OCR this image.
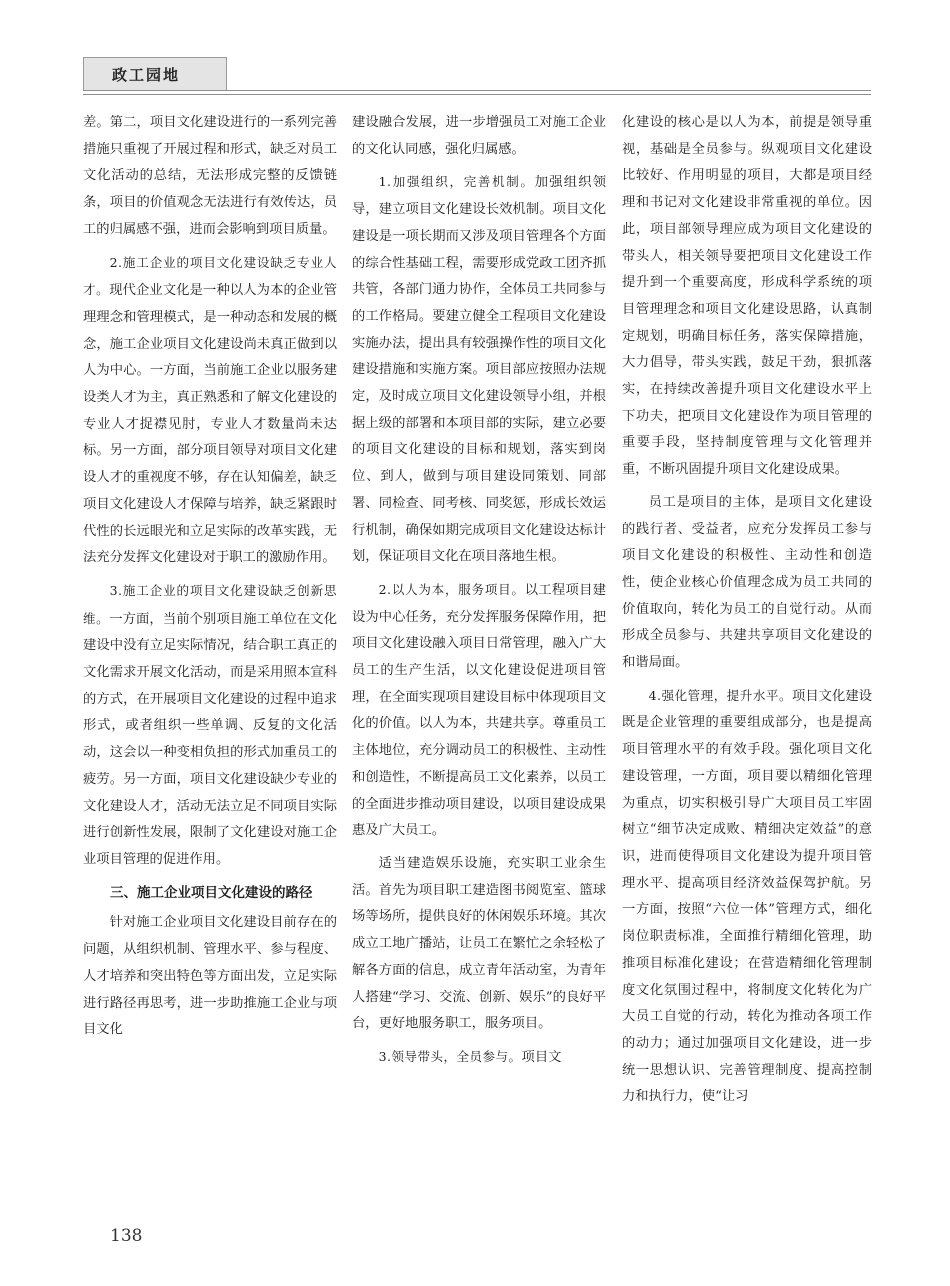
政工园地

差。第二，项目文化建设进行的一系列完善措施只重视了开展过程和形式，缺乏对员工文化活动的总结，无法形成完整的反馈链条，项目的价值观念无法进行有效传达，员工的归属感不强，进而会影响到项目质量。

2.施工企业的项目文化建设缺乏专业人才。现代企业文化是一种以人为本的企业管理理念和管理模式，是一种动态和发展的概念，施工企业项目文化建设尚未真正做到以人为中心。一方面，当前施工企业以服务建设类人才为主，真正熟悉和了解文化建设的专业人才捉襟见肘，专业人才数量尚未达标。另一方面，部分项目领导对项目文化建设人才的重视度不够，存在认知偏差，缺乏项目文化建设人才保障与培养，缺乏紧跟时代性的长远眼光和立足实际的改革实践，无法充分发挥文化建设对于职工的激励作用。

3.施工企业的项目文化建设缺乏创新思维。一方面，当前个别项目施工单位在文化建设中没有立足实际情况，结合职工真正的文化需求开展文化活动，而是采用照本宣科的方式，在开展项目文化建设的过程中追求形式，或者组织一些单调、反复的文化活动，这会以一种变相负担的形式加重员工的疲劳。另一方面，项目文化建设缺少专业的文化建设人才，活动无法立足不同项目实际进行创新性发展，限制了文化建设对施工企业项目管理的促进作用。

三、施工企业项目文化建设的路径

针对施工企业项目文化建设目前存在的问题，从组织机制、管理水平、参与程度、人才培养和突出特色等方面出发，立足实际进行路径再思考，进一步助推施工企业与项目文化

建设融合发展，进一步增强员工对施工企业的文化认同感，强化归属感。

1.加强组织，完善机制。加强组织领导，建立项目文化建设长效机制。项目文化建设是一项长期而又涉及项目管理各个方面的综合性基础工程，需要形成党政工团齐抓共管，各部门通力协作，全体员工共同参与的工作格局。要建立健全工程项目文化建设实施办法，提出具有较强操作性的项目文化建设措施和实施方案。项目部应按照办法规定，及时成立项目文化建设领导小组，并根据上级的部署和本项目部的实际，建立必要的项目文化建设的目标和规划，落实到岗位、到人，做到与项目建设同策划、同部署、同检查、同考核、同奖惩，形成长效运行机制，确保如期完成项目文化建设达标计划，保证项目文化在项目落地生根。

2.以人为本，服务项目。以工程项目建设为中心任务，充分发挥服务保障作用，把项目文化建设融入项目日常管理，融入广大员工的生产生活，以文化建设促进项目管理，在全面实现项目建设目标中体现项目文化的价值。以人为本，共建共享。尊重员工主体地位，充分调动员工的积极性、主动性和创造性，不断提高员工文化素养，以员工的全面进步推动项目建设，以项目建设成果惠及广大员工。

适当建造娱乐设施，充实职工业余生活。首先为项目职工建造图书阅览室、篮球场等场所，提供良好的休闲娱乐环境。其次成立工地广播站，让员工在繁忙之余轻松了解各方面的信息，成立青年活动室，为青年人搭建“学习、交流、创新、娱乐”的良好平台，更好地服务职工，服务项目。

3.领导带头，全员参与。项目文

化建设的核心是以人为本，前提是领导重视，基础是全员参与。纵观项目文化建设比较好、作用明显的项目，大都是项目经理和书记对文化建设非常重视的单位。因此，项目部领导理应成为项目文化建设的带头人，相关领导要把项目文化建设工作提升到一个重要高度，形成科学系统的项目管理理念和项目文化建设思路，认真制定规划，明确目标任务，落实保障措施，大力倡导，带头实践，鼓足干劲，狠抓落实，在持续改善提升项目文化建设水平上下功夫，把项目文化建设作为项目管理的重要手段，坚持制度管理与文化管理并重，不断巩固提升项目文化建设成果。

员工是项目的主体，是项目文化建设的践行者、受益者，应充分发挥员工参与项目文化建设的积极性、主动性和创造性，使企业核心价值理念成为员工共同的价值取向，转化为员工的自觉行动。从而形成全员参与、共建共享项目文化建设的和谐局面。

4.强化管理，提升水平。项目文化建设既是企业管理的重要组成部分，也是提高项目管理水平的有效手段。强化项目文化建设管理，一方面，项目要以精细化管理为重点，切实积极引导广大项目员工牢固树立“细节决定成败、精细决定效益”的意识，进而使得项目文化建设为提升项目管理水平、提高项目经济效益保驾护航。另一方面，按照“六位一体”管理方式，细化岗位职责标准，全面推行精细化管理，助推项目标准化建设；在营造精细化管理制度文化氛围过程中，将制度文化转化为广大员工自觉的行动，转化为推动各项工作的动力；通过加强项目文化建设，进一步统一思想认识、完善管理制度、提高控制力和执行力，使“让习

138
